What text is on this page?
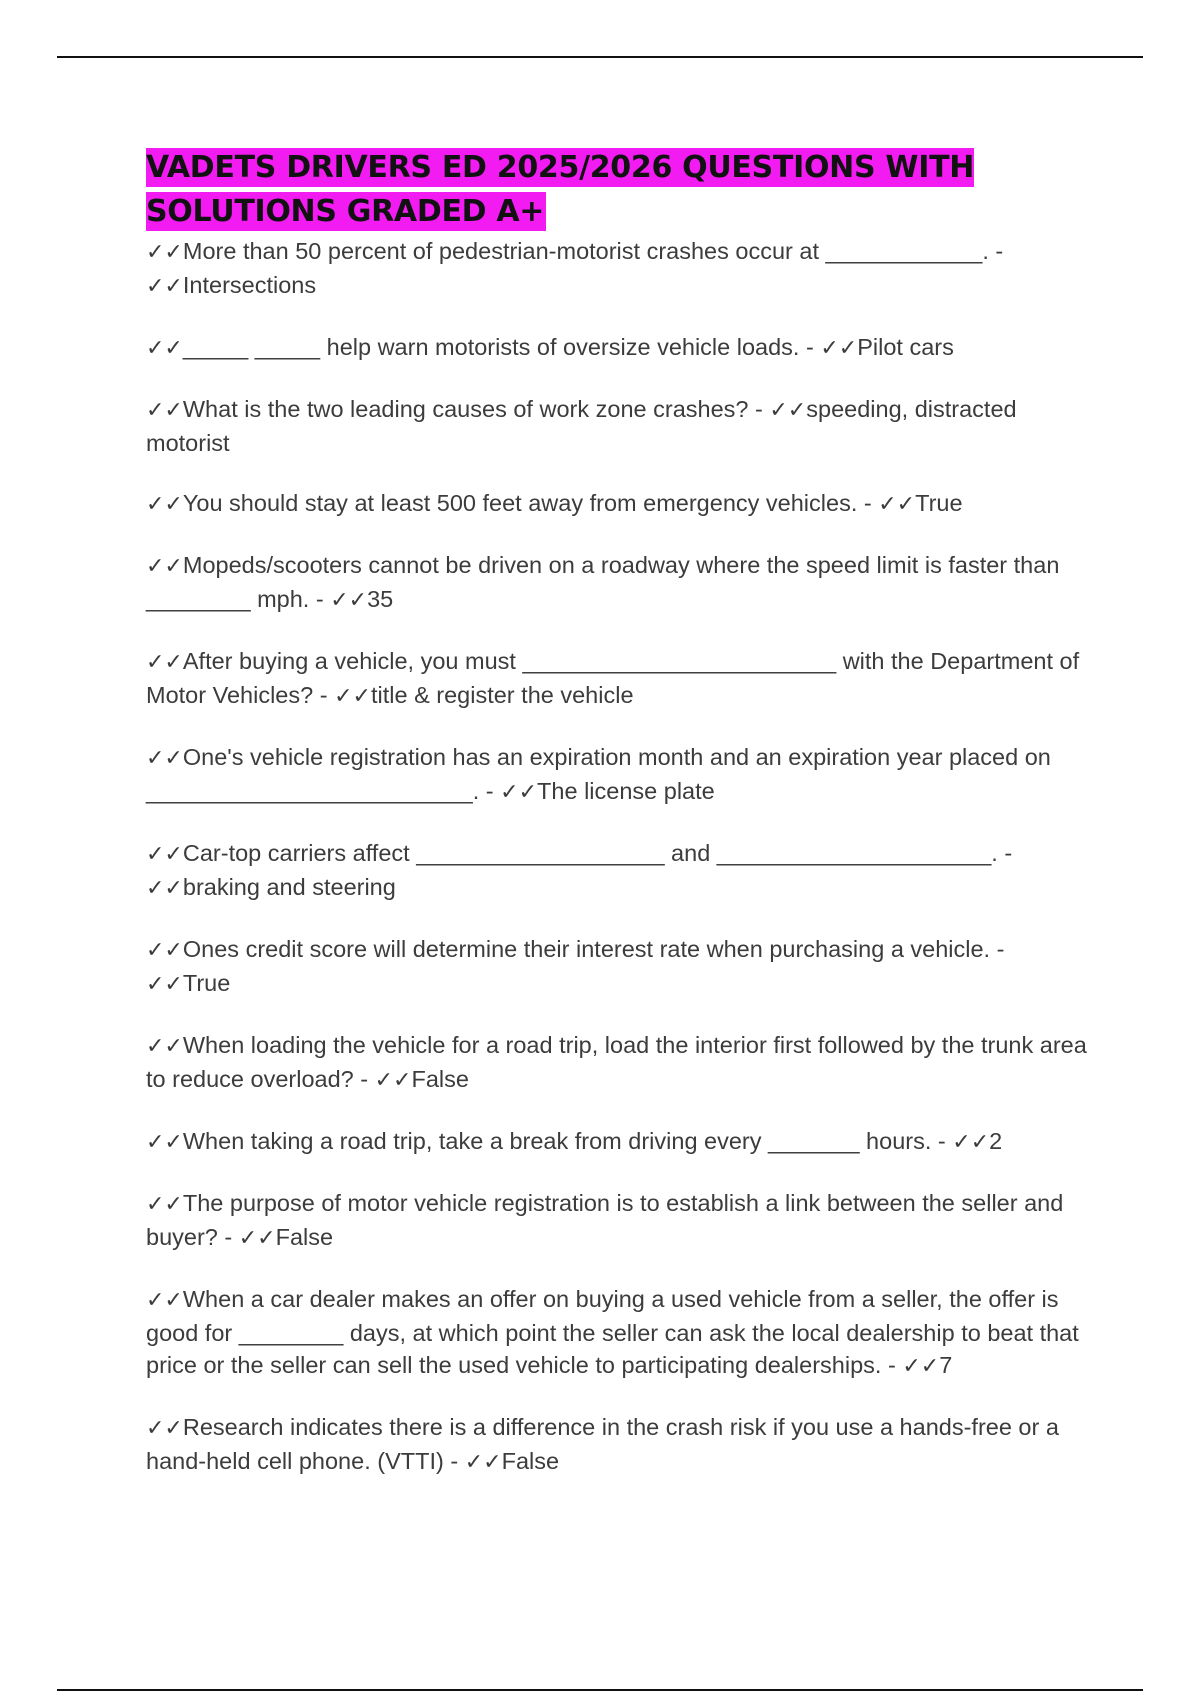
VADETS DRIVERS ED 2025/2026 QUESTIONS WITH SOLUTIONS GRADED A+

✓✓ More than 50 percent of pedestrian-motorist crashes occur at ____________. - ✓✓ Intersections

✓✓ _____ _____ help warn motorists of oversize vehicle loads. - ✓✓ Pilot cars

✓✓ What is the two leading causes of work zone crashes? - ✓✓ speeding, distracted motorist

✓✓ You should stay at least 500 feet away from emergency vehicles. - ✓✓ True

✓✓ Mopeds/scooters cannot be driven on a roadway where the speed limit is faster than ________ mph. - ✓✓ 35

✓✓ After buying a vehicle, you must ________________________ with the Department of Motor Vehicles? - ✓✓ title & register the vehicle

✓✓ One's vehicle registration has an expiration month and an expiration year placed on _________________________. - ✓✓ The license plate

✓✓ Car-top carriers affect ___________________ and _____________________. - ✓✓ braking and steering

✓✓ Ones credit score will determine their interest rate when purchasing a vehicle. - ✓✓ True

✓✓ When loading the vehicle for a road trip, load the interior first followed by the trunk area to reduce overload? - ✓✓ False

✓✓ When taking a road trip, take a break from driving every _______ hours. - ✓✓ 2

✓✓ The purpose of motor vehicle registration is to establish a link between the seller and buyer? - ✓✓ False

✓✓ When a car dealer makes an offer on buying a used vehicle from a seller, the offer is good for ________ days, at which point the seller can ask the local dealership to beat that price or the seller can sell the used vehicle to participating dealerships. - ✓✓ 7

✓✓ Research indicates there is a difference in the crash risk if you use a hands-free or a hand-held cell phone. (VTTI) - ✓✓ False
